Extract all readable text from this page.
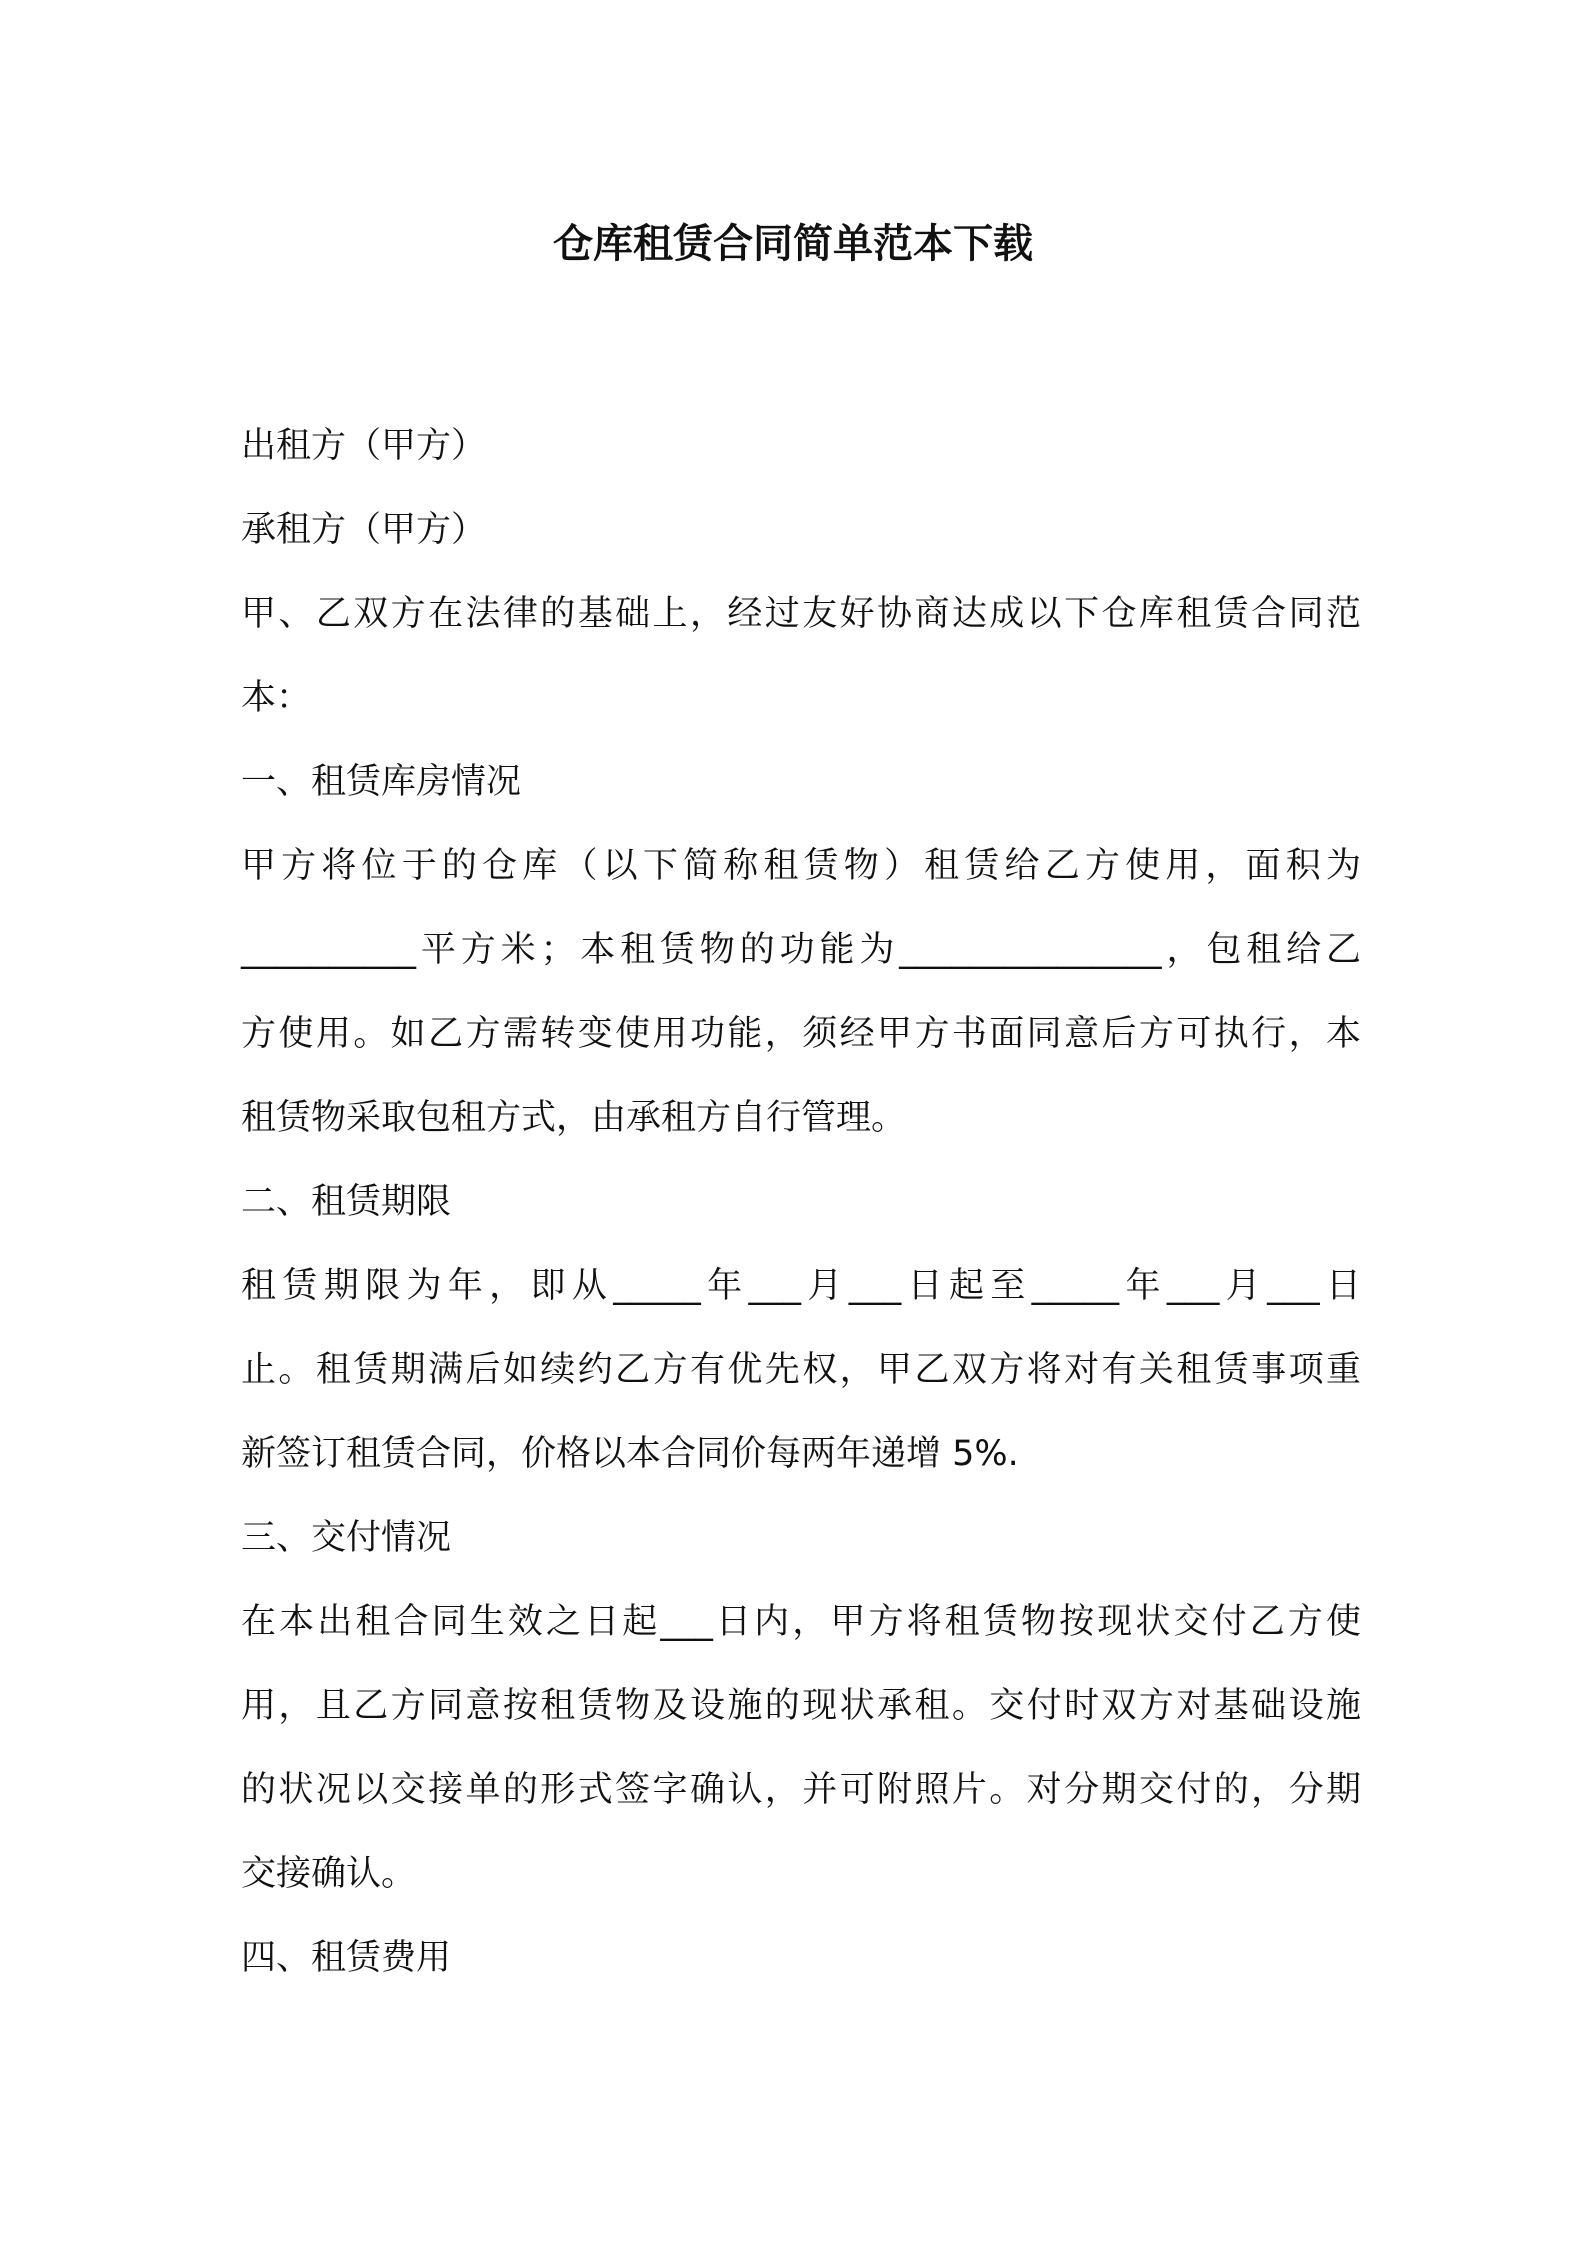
仓库租赁合同简单范本下载

出租方（甲方）

承租方（甲方）

甲、乙双方在法律的基础上，经过友好协商达成以下仓库租赁合同范

本：

一、租赁库房情况

甲方将位于的仓库（以下简称租赁物）租赁给乙方使用，面积为

__________平方米；本租赁物的功能为_______________，包租给乙

方使用。如乙方需转变使用功能，须经甲方书面同意后方可执行，本

租赁物采取包租方式，由承租方自行管理。

二、租赁期限

租赁期限为年，即从_____年___月___日起至_____年___月___日

止。租赁期满后如续约乙方有优先权，甲乙双方将对有关租赁事项重

新签订租赁合同，价格以本合同价每两年递增 5%.

三、交付情况

在本出租合同生效之日起___日内，甲方将租赁物按现状交付乙方使

用，且乙方同意按租赁物及设施的现状承租。交付时双方对基础设施

的状况以交接单的形式签字确认，并可附照片。对分期交付的，分期

交接确认。

四、租赁费用
